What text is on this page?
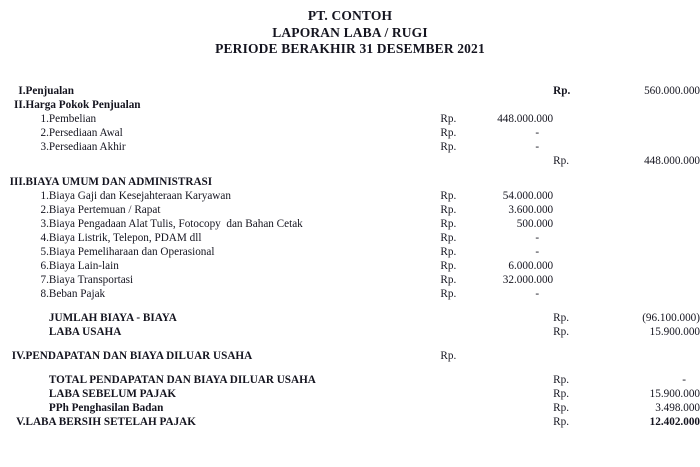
PT. CONTOH
LAPORAN LABA / RUGI
PERIODE BERAKHIR 31 DESEMBER 2021
I.	Penjualan				Rp.	560.000.000
II.	Harga Pokok Penjualan					
	1.	Pembelian	Rp.	448.000.000		
	2.	Persediaan Awal	Rp.	-		
	3.	Persediaan Akhir	Rp.	-		
					Rp.	448.000.000

III.	BIAYA UMUM DAN ADMINISTRASI					
	1.	Biaya Gaji dan Kesejahteraan Karyawan	Rp.	54.000.000		
	2.	Biaya Pertemuan / Rapat	Rp.	3.600.000		
	3.	Biaya Pengadaan Alat Tulis, Fotocopy  dan Bahan Cetak	Rp.	500.000		
	4.	Biaya Listrik, Telepon, PDAM dll	Rp.	-		
	5.	Biaya Pemeliharaan dan Operasional	Rp.	-		
	6.	Biaya Lain-lain	Rp.	6.000.000		
	7.	Biaya Transportasi	Rp.	32.000.000		
	8.	Beban Pajak	Rp.	-		

		JUMLAH BIAYA - BIAYA			Rp.	(96.100.000)
		LABA USAHA			Rp.	15.900.000

IV.	PENDAPATAN DAN BIAYA DILUAR USAHA		Rp.			

		TOTAL PENDAPATAN DAN BIAYA DILUAR USAHA			Rp.	-
		LABA SEBELUM PAJAK			Rp.	15.900.000
		PPh Penghasilan Badan			Rp.	3.498.000
V.	LABA BERSIH SETELAH PAJAK				Rp.	12.402.000
